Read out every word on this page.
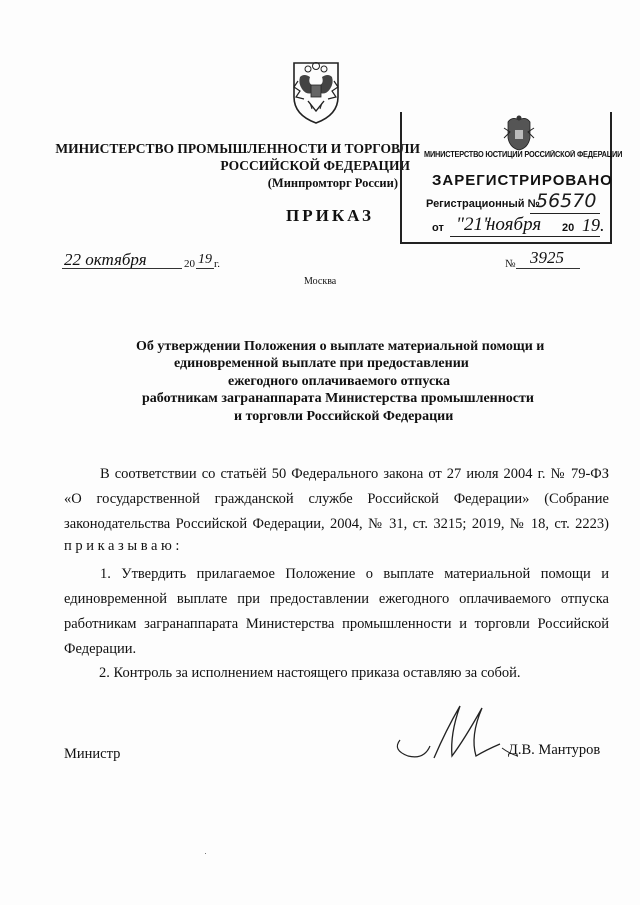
МИНИСТЕРСТВО ПРОМЫШЛЕННОСТИ И ТОРГОВЛИ
РОССИЙСКОЙ ФЕДЕРАЦИИ
(Минпромторг России)
ПРИКАЗ
МИНИСТЕРСТВО ЮСТИЦИИ РОССИЙСКОЙ ФЕДЕРАЦИИ
ЗАРЕГИСТРИРОВАНО
Регистрационный №
56570
от "21"
ноября 20 19.
22 октября	20 19 г.	№ 3925
Москва
Об утверждении Положения о выплате материальной помощи и
единовременной выплате при предоставлении
ежегодного оплачиваемого отпуска
работникам загранаппарата Министерства промышленности
и торговли Российской Федерации
В соответствии со статьёй 50 Федерального закона от 27 июля 2004 г. № 79-ФЗ
«О государственной гражданской службе Российской Федерации» (Собрание
законодательства Российской Федерации, 2004, № 31, ст. 3215; 2019, № 18, ст. 2223)
приказываю:
1. Утвердить прилагаемое Положение о выплате материальной помощи и
единовременной выплате при предоставлении ежегодного оплачиваемого отпуска
работникам загранаппарата Министерства промышленности и торговли Российской
Федерации.
2. Контроль за исполнением настоящего приказа оставляю за собой.
Министр	Д.В. Мантуров
